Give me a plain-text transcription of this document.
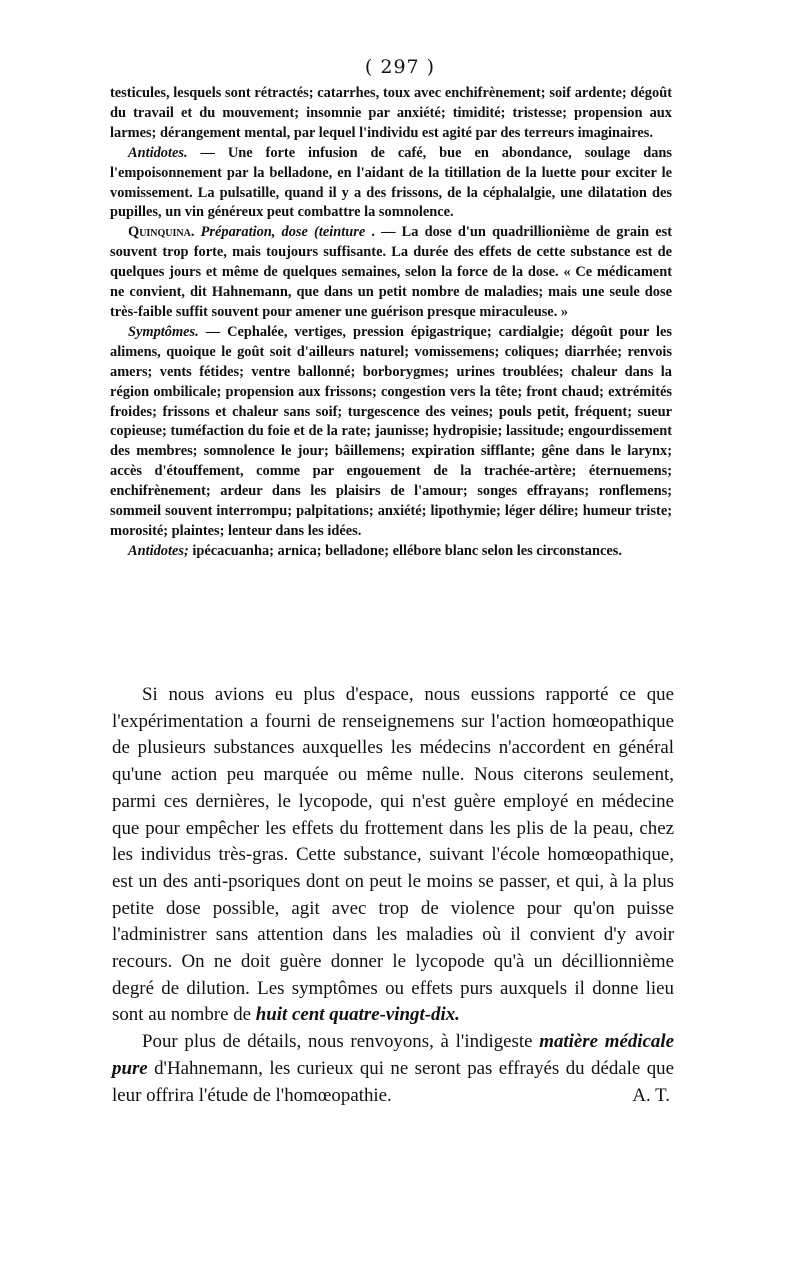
( 297 )

testicules, lesquels sont rétractés; catarrhes, toux avec enchifrènement; soif ardente; dégoût du travail et du mouvement; insomnie par anxiété; timidité; tristesse; propension aux larmes; dérangement mental, par lequel l'individu est agité par des terreurs imaginaires.

Antidotes. — Une forte infusion de café, bue en abondance, soulage dans l'empoisonnement par la belladone, en l'aidant de la titillation de la luette pour exciter le vomissement. La pulsatille, quand il y a des frissons, de la céphalalgie, une dilatation des pupilles, un vin généreux peut combattre la somnolence.

Quinquina. Préparation, dose (teinture . — La dose d'un quadrillionième de grain est souvent trop forte, mais toujours suffisante. La durée des effets de cette substance est de quelques jours et même de quelques semaines, selon la force de la dose. « Ce médicament ne convient, dit Hahnemann, que dans un petit nombre de maladies; mais une seule dose très-faible suffit souvent pour amener une guérison presque miraculeuse. »

Symptômes. — Cephalée, vertiges, pression épigastrique; cardialgie; dégoût pour les alimens, quoique le goût soit d'ailleurs naturel; vomissemens; coliques; diarrhée; renvois amers; vents fétides; ventre ballonné; borborygmes; urines troublées; chaleur dans la région ombilicale; propension aux frissons; congestion vers la tête; front chaud; extrémités froides; frissons et chaleur sans soif; turgescence des veines; pouls petit, fréquent; sueur copieuse; tuméfaction du foie et de la rate; jaunisse; hydropisie; lassitude; engourdissement des membres; somnolence le jour; bâillemens; expiration sifflante; gêne dans le larynx; accès d'étouffement, comme par engouement de la trachée-artère; éternuemens; enchifrènement; ardeur dans les plaisirs de l'amour; songes effrayans; ronflemens; sommeil souvent interrompu; palpitations; anxiété; lipothymie; léger délire; humeur triste; morosité; plaintes; lenteur dans les idées.

Antidotes; ipécacuanha; arnica; belladone; ellébore blanc selon les circonstances.

Si nous avions eu plus d'espace, nous eussions rapporté ce que l'expérimentation a fourni de renseignemens sur l'action homœopathique de plusieurs substances auxquelles les médecins n'accordent en général qu'une action peu marquée ou même nulle. Nous citerons seulement, parmi ces dernières, le lycopode, qui n'est guère employé en médecine que pour empêcher les effets du frottement dans les plis de la peau, chez les individus très-gras. Cette substance, suivant l'école homœopathique, est un des anti-psoriques dont on peut le moins se passer, et qui, à la plus petite dose possible, agit avec trop de violence pour qu'on puisse l'administrer sans attention dans les maladies où il convient d'y avoir recours. On ne doit guère donner le lycopode qu'à un décillionnième degré de dilution. Les symptômes ou effets purs auxquels il donne lieu sont au nombre de huit cent quatre-vingt-dix.

Pour plus de détails, nous renvoyons, à l'indigeste matière médicale pure d'Hahnemann, les curieux qui ne seront pas effrayés du dédale que leur offrira l'étude de l'homœopathie.	A. T.
